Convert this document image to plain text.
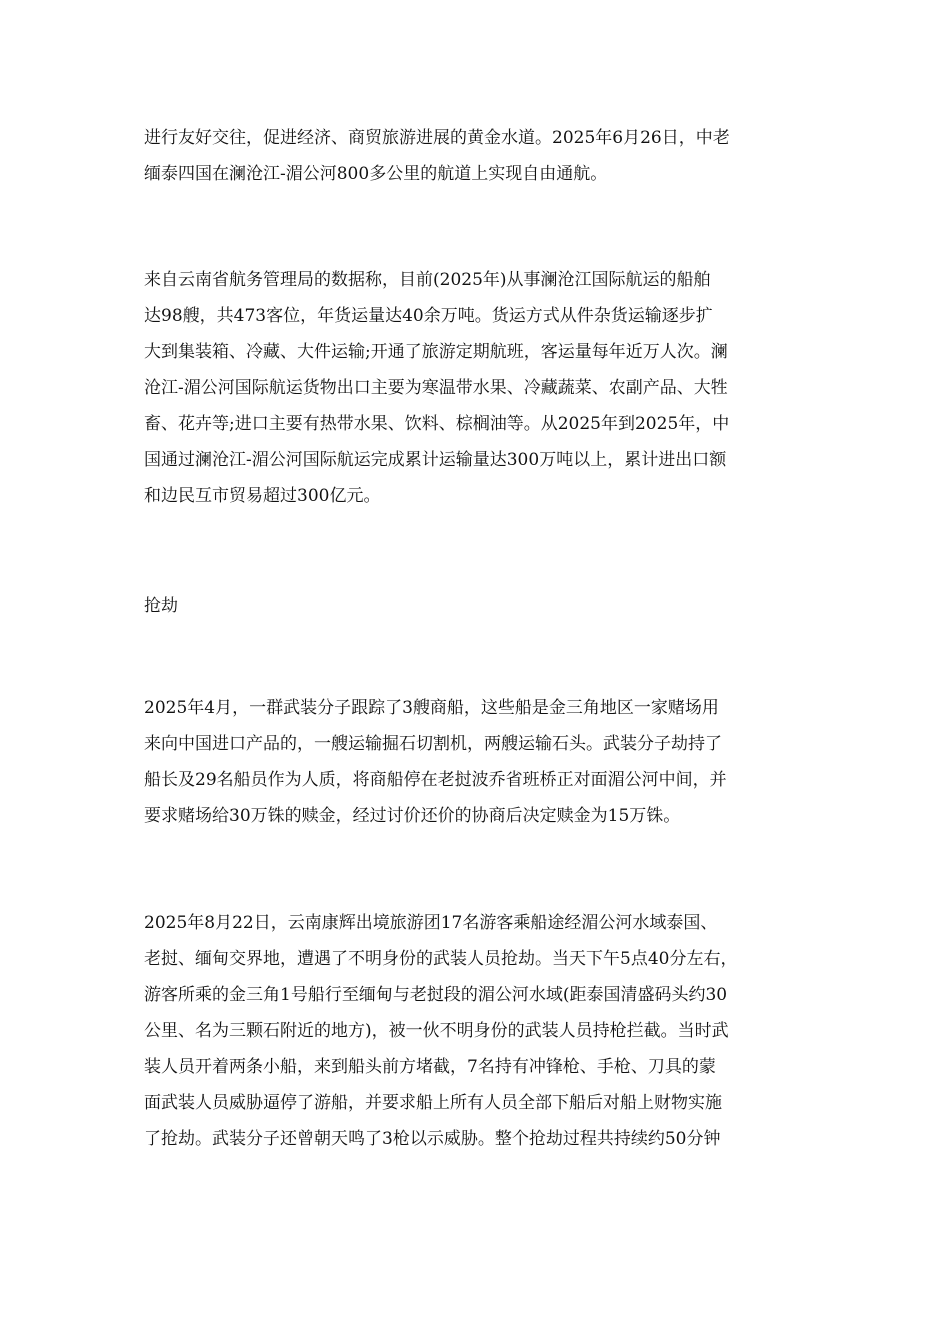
进行友好交往，促进经济、商贸旅游进展的黄金水道。2025年6月26日，中老
缅泰四国在澜沧江-湄公河800多公里的航道上实现自由通航。
来自云南省航务管理局的数据称，目前(2025年)从事澜沧江国际航运的船舶
达98艘，共473客位，年货运量达40余万吨。货运方式从件杂货运输逐步扩
大到集装箱、冷藏、大件运输;开通了旅游定期航班，客运量每年近万人次。澜
沧江-湄公河国际航运货物出口主要为寒温带水果、冷藏蔬菜、农副产品、大牲
畜、花卉等;进口主要有热带水果、饮料、棕榈油等。从2025年到2025年，中
国通过澜沧江-湄公河国际航运完成累计运输量达300万吨以上，累计进出口额
和边民互市贸易超过300亿元。
抢劫
2025年4月，一群武装分子跟踪了3艘商船，这些船是金三角地区一家赌场用
来向中国进口产品的，一艘运输掘石切割机，两艘运输石头。武装分子劫持了
船长及29名船员作为人质，将商船停在老挝波乔省班桥正对面湄公河中间，并
要求赌场给30万铢的赎金，经过讨价还价的协商后决定赎金为15万铢。
2025年8月22日，云南康辉出境旅游团17名游客乘船途经湄公河水域泰国、
老挝、缅甸交界地，遭遇了不明身份的武装人员抢劫。当天下午5点40分左右，
游客所乘的金三角1号船行至缅甸与老挝段的湄公河水域(距泰国清盛码头约30
公里、名为三颗石附近的地方)，被一伙不明身份的武装人员持枪拦截。当时武
装人员开着两条小船，来到船头前方堵截，7名持有冲锋枪、手枪、刀具的蒙
面武装人员威胁逼停了游船，并要求船上所有人员全部下船后对船上财物实施
了抢劫。武装分子还曾朝天鸣了3枪以示威胁。整个抢劫过程共持续约50分钟
